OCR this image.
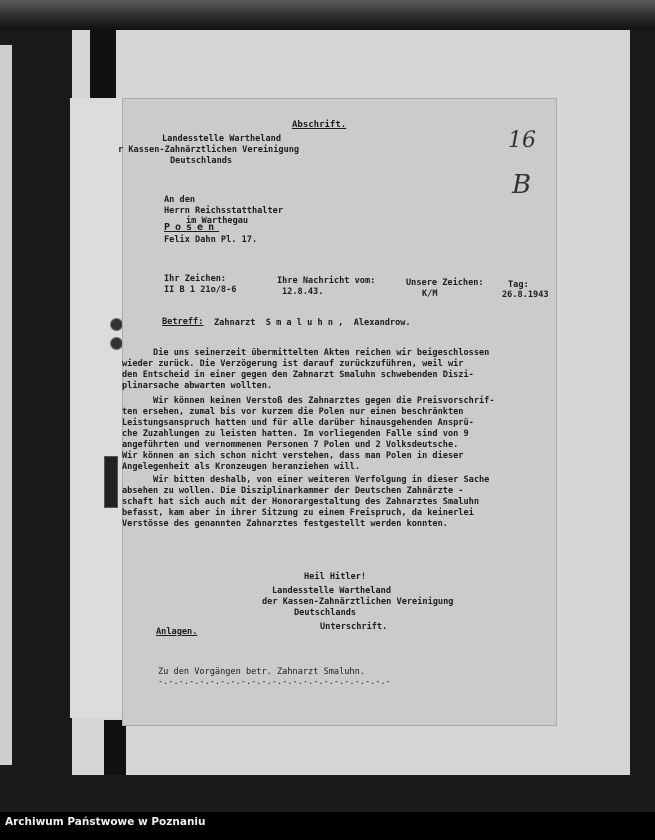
Abschrift.
16
B
Landesstelle Wartheland
r Kassen-Zahnärztlichen Vereinigung
Deutschlands
An den
Herrn Reichsstatthalter
im Warthegau
Posen
Felix Dahn Pl. 17.
Ihr Zeichen:
II B 1 21o/8-6
Ihre Nachricht vom:
12.8.43.
Unsere Zeichen:
K/M
Tag:
26.8.1943
Betreff: Zahnarzt  S m a l u h n ,  Alexandrow.
Die uns seinerzeit übermittelten Akten reichen wir beigeschlossen
wieder zurück. Die Verzögerung ist darauf zurückzuführen, weil wir
den Entscheid in einer gegen den Zahnarzt Smaluhn schwebenden Diszi-
plinarsache abwarten wollten.
Wir können keinen Verstoß des Zahnarztes gegen die Preisvorschrif-
ten ersehen, zumal bis vor kurzem die Polen nur einen beschränkten
Leistungsanspruch hatten und für alle darüber hinausgehenden Ansprü-
che Zuzahlungen zu leisten hatten. Im vorliegenden Falle sind von 9
angeführten und vernommenen Personen 7 Polen und 2 Volksdeutsche.
Wir können an sich schon nicht verstehen, dass man Polen in dieser
Angelegenheit als Kronzeugen heranziehen will.
Wir bitten deshalb, von einer weiteren Verfolgung in dieser Sache
absehen zu wollen. Die Disziplinarkammer der Deutschen Zahnärzte -
schaft hat sich auch mit der Honorargestaltung des Zahnarztes Smaluhn
befasst, kam aber in ihrer Sitzung zu einem Freispruch, da keinerlei
Verstösse des genannten Zahnarztes festgestellt werden konnten.
Heil Hitler!
Landesstelle Wartheland
der Kassen-Zahnärztlichen Vereinigung
Deutschlands
Unterschrift.
Anlagen.
Zu den Vorgängen betr. Zahnarzt Smaluhn.
-.-.-.-.-.-.-.-.-.-.-.-.-.-.-.-.-.-.-.-.-.-.-
Archiwum Państwowe w Poznaniu
